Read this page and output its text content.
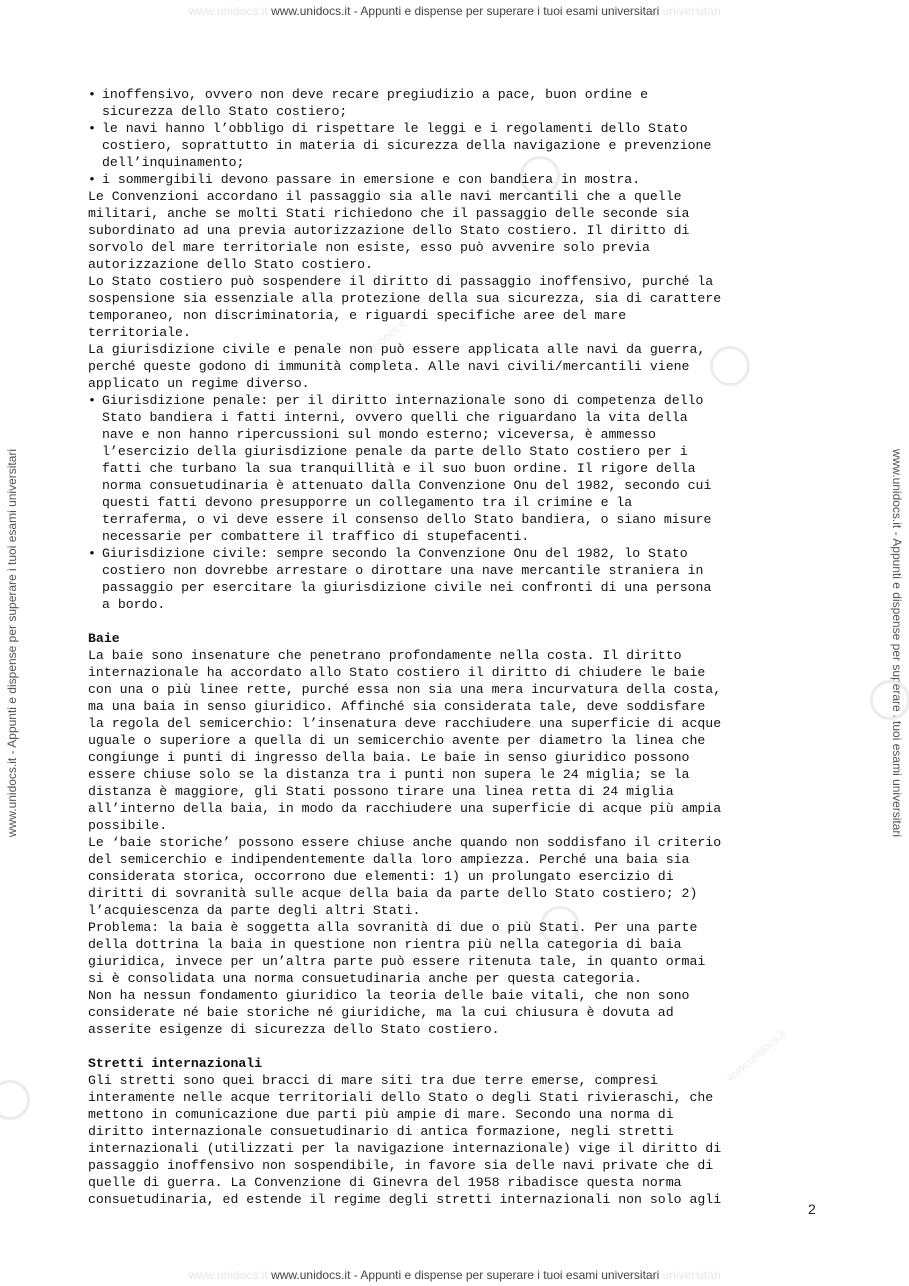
www.unidocs.it www.unidocs.it - Appunti e dispense per superare i tuoi esami universitari universitari
www.unidocs.it - Appunti e dispense per superare i tuoi esami universitari	www.unidocs.it - Appunti e dispense per superare i tuoi esami universitari
www.unidocs.it
www.unidocs.it
• inoffensivo, ovvero non deve recare pregiudizio a pace, buon ordine e
sicurezza dello Stato costiero;
• le navi hanno l’obbligo di rispettare le leggi e i regolamenti dello Stato
costiero, soprattutto in materia di sicurezza della navigazione e prevenzione
dell’inquinamento;
• i sommergibili devono passare in emersione e con bandiera in mostra.

Le Convenzioni accordano il passaggio sia alle navi mercantili che a quelle
militari, anche se molti Stati richiedono che il passaggio delle seconde sia
subordinato ad una previa autorizzazione dello Stato costiero. Il diritto di
sorvolo del mare territoriale non esiste, esso può avvenire solo previa
autorizzazione dello Stato costiero.

Lo Stato costiero può sospendere il diritto di passaggio inoffensivo, purché la
sospensione sia essenziale alla protezione della sua sicurezza, sia di carattere
temporaneo, non discriminatoria, e riguardi specifiche aree del mare
territoriale.

La giurisdizione civile e penale non può essere applicata alle navi da guerra,
perché queste godono di immunità completa. Alle navi civili/mercantili viene
applicato un regime diverso.

• Giurisdizione penale: per il diritto internazionale sono di competenza dello
Stato bandiera i fatti interni, ovvero quelli che riguardano la vita della
nave e non hanno ripercussioni sul mondo esterno; viceversa, è ammesso
l’esercizio della giurisdizione penale da parte dello Stato costiero per i
fatti che turbano la sua tranquillità e il suo buon ordine. Il rigore della
norma consuetudinaria è attenuato dalla Convenzione Onu del 1982, secondo cui
questi fatti devono presupporre un collegamento tra il crimine e la
terraferma, o vi deve essere il consenso dello Stato bandiera, o siano misure
necessarie per combattere il traffico di stupefacenti.
• Giurisdizione civile: sempre secondo la Convenzione Onu del 1982, lo Stato
costiero non dovrebbe arrestare o dirottare una nave mercantile straniera in
passaggio per esercitare la giurisdizione civile nei confronti di una persona
a bordo.
Baie

La baie sono insenature che penetrano profondamente nella costa. Il diritto
internazionale ha accordato allo Stato costiero il diritto di chiudere le baie
con una o più linee rette, purché essa non sia una mera incurvatura della costa,
ma una baia in senso giuridico. Affinché sia considerata tale, deve soddisfare
la regola del semicerchio: l’insenatura deve racchiudere una superficie di acque
uguale o superiore a quella di un semicerchio avente per diametro la linea che
congiunge i punti di ingresso della baia. Le baie in senso giuridico possono
essere chiuse solo se la distanza tra i punti non supera le 24 miglia; se la
distanza è maggiore, gli Stati possono tirare una linea retta di 24 miglia
all’interno della baia, in modo da racchiudere una superficie di acque più ampia
possibile.

Le ‘baie storiche’ possono essere chiuse anche quando non soddisfano il criterio
del semicerchio e indipendentemente dalla loro ampiezza. Perché una baia sia
considerata storica, occorrono due elementi: 1) un prolungato esercizio di
diritti di sovranità sulle acque della baia da parte dello Stato costiero; 2)
l’acquiescenza da parte degli altri Stati.

Problema: la baia è soggetta alla sovranità di due o più Stati. Per una parte
della dottrina la baia in questione non rientra più nella categoria di baia
giuridica, invece per un’altra parte può essere ritenuta tale, in quanto ormai
si è consolidata una norma consuetudinaria anche per questa categoria.

Non ha nessun fondamento giuridico la teoria delle baie vitali, che non sono
considerate né baie storiche né giuridiche, ma la cui chiusura è dovuta ad
asserite esigenze di sicurezza dello Stato costiero.

Stretti internazionali

Gli stretti sono quei bracci di mare siti tra due terre emerse, compresi
interamente nelle acque territoriali dello Stato o degli Stati rivieraschi, che
mettono in comunicazione due parti più ampie di mare. Secondo una norma di
diritto internazionale consuetudinario di antica formazione, negli stretti
internazionali (utilizzati per la navigazione internazionale) vige il diritto di
passaggio inoffensivo non sospendibile, in favore sia delle navi private che di
quelle di guerra. La Convenzione di Ginevra del 1958 ribadisce questa norma
consuetudinaria, ed estende il regime degli stretti internazionali non solo agli

2
www.unidocs.it www.unidocs.it - Appunti e dispense per superare i tuoi esami universitari universitari
